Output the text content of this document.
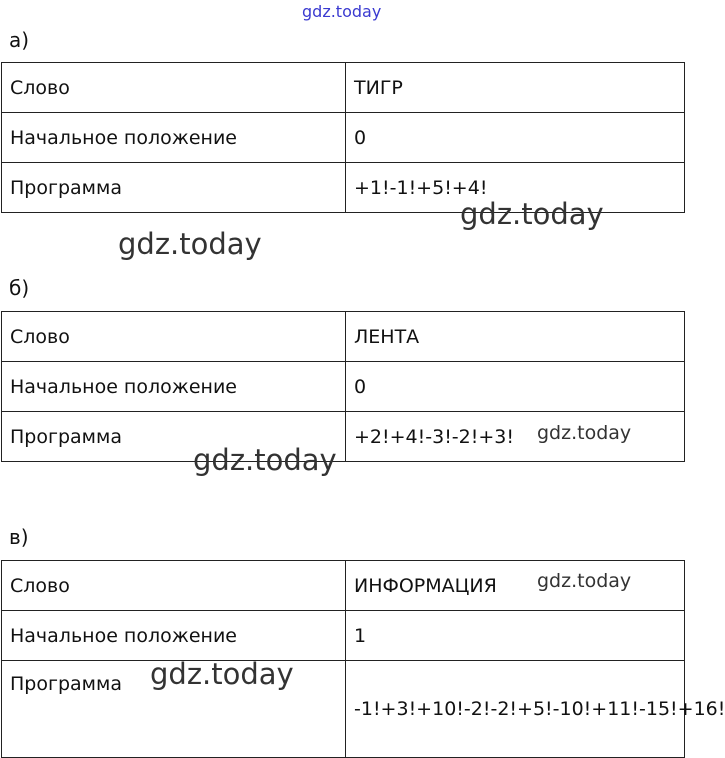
gdz.today
а)
Слово	ТИГР
Начальное положение	0
Программа	+1!-1!+5!+4!
gdz.today
gdz.today
б)
Слово	ЛЕНТА
Начальное положение	0
Программа	+2!+4!-3!-2!+3! gdz.today
gdz.today
в)
Слово	ИНФОРМАЦИЯ
Начальное положение	1
Программа	-1!+3!+10!-2!-2!+5!-10!+11!-15!+16!
gdz.today
gdz.today
